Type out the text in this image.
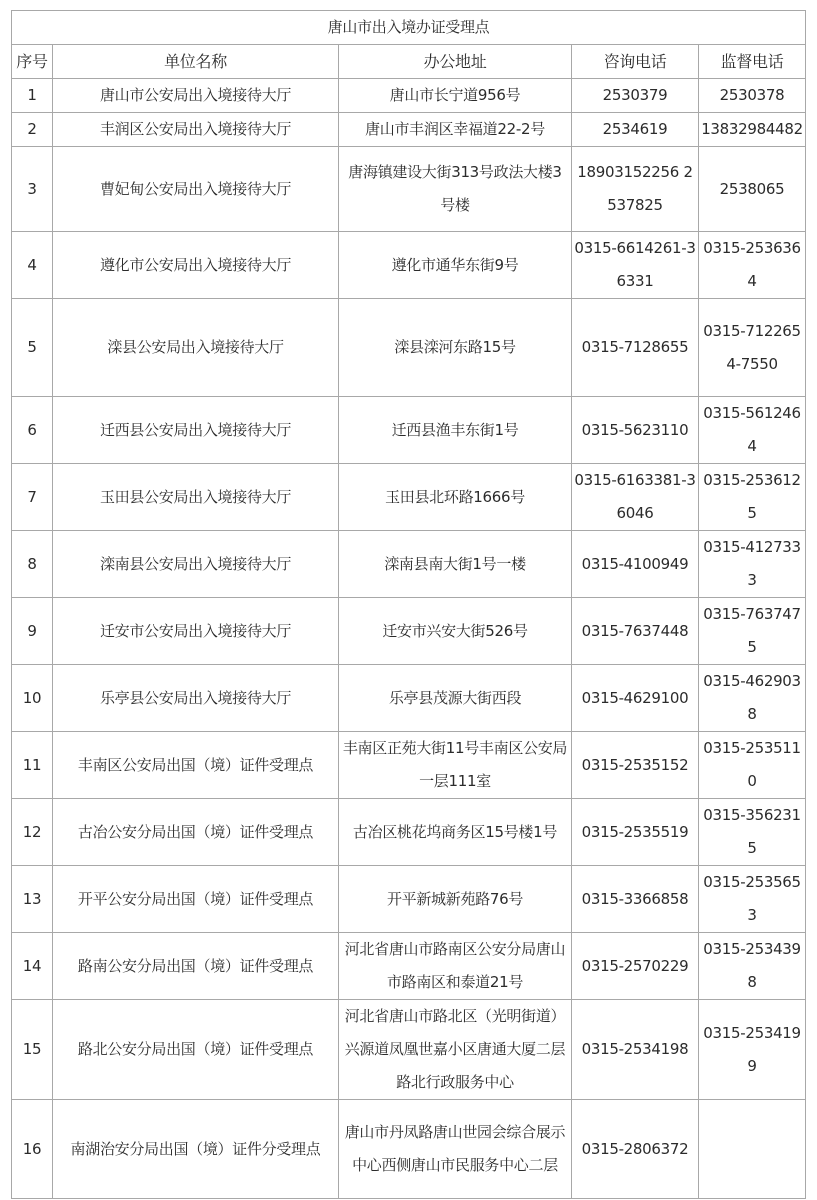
唐山市出入境办证受理点				
序号	单位名称	办公地址	咨询电话	监督电话
1	唐山市公安局出入境接待大厅	唐山市长宁道956号	2530379	2530378
2	丰润区公安局出入境接待大厅	唐山市丰润区幸福道22-2号	2534619	13832984482
3	曹妃甸公安局出入境接待大厅	唐海镇建设大街313号政法大楼3号楼	18903152256 2537825	2538065
4	遵化市公安局出入境接待大厅	遵化市通华东街9号	0315-6614261-36331	0315-2536364
5	滦县公安局出入境接待大厅	滦县滦河东路15号	0315-7128655	0315-7122654-7550
6	迁西县公安局出入境接待大厅	迁西县渔丰东街1号	0315-5623110	0315-5612464
7	玉田县公安局出入境接待大厅	玉田县北环路1666号	0315-6163381-36046	0315-2536125
8	滦南县公安局出入境接待大厅	滦南县南大街1号一楼	0315-4100949	0315-4127333
9	迁安市公安局出入境接待大厅	迁安市兴安大街526号	0315-7637448	0315-7637475
10	乐亭县公安局出入境接待大厅	乐亭县茂源大街西段	0315-4629100	0315-4629038
11	丰南区公安局出国（境）证件受理点	丰南区正苑大街11号丰南区公安局一层111室	0315-2535152	0315-2535110
12	古冶公安分局出国（境）证件受理点	古冶区桃花坞商务区15号楼1号	0315-2535519	0315-3562315
13	开平公安分局出国（境）证件受理点	开平新城新苑路76号	0315-3366858	0315-2535653
14	路南公安分局出国（境）证件受理点	河北省唐山市路南区公安分局唐山市路南区和泰道21号	0315-2570229	0315-2534398
15	路北公安分局出国（境）证件受理点	河北省唐山市路北区（光明街道）兴源道凤凰世嘉小区唐通大厦二层路北行政服务中心	0315-2534198	0315-2534199
16	南湖治安分局出国（境）证件分受理点	唐山市丹凤路唐山世园会综合展示中心西侧唐山市民服务中心二层	0315-2806372	
